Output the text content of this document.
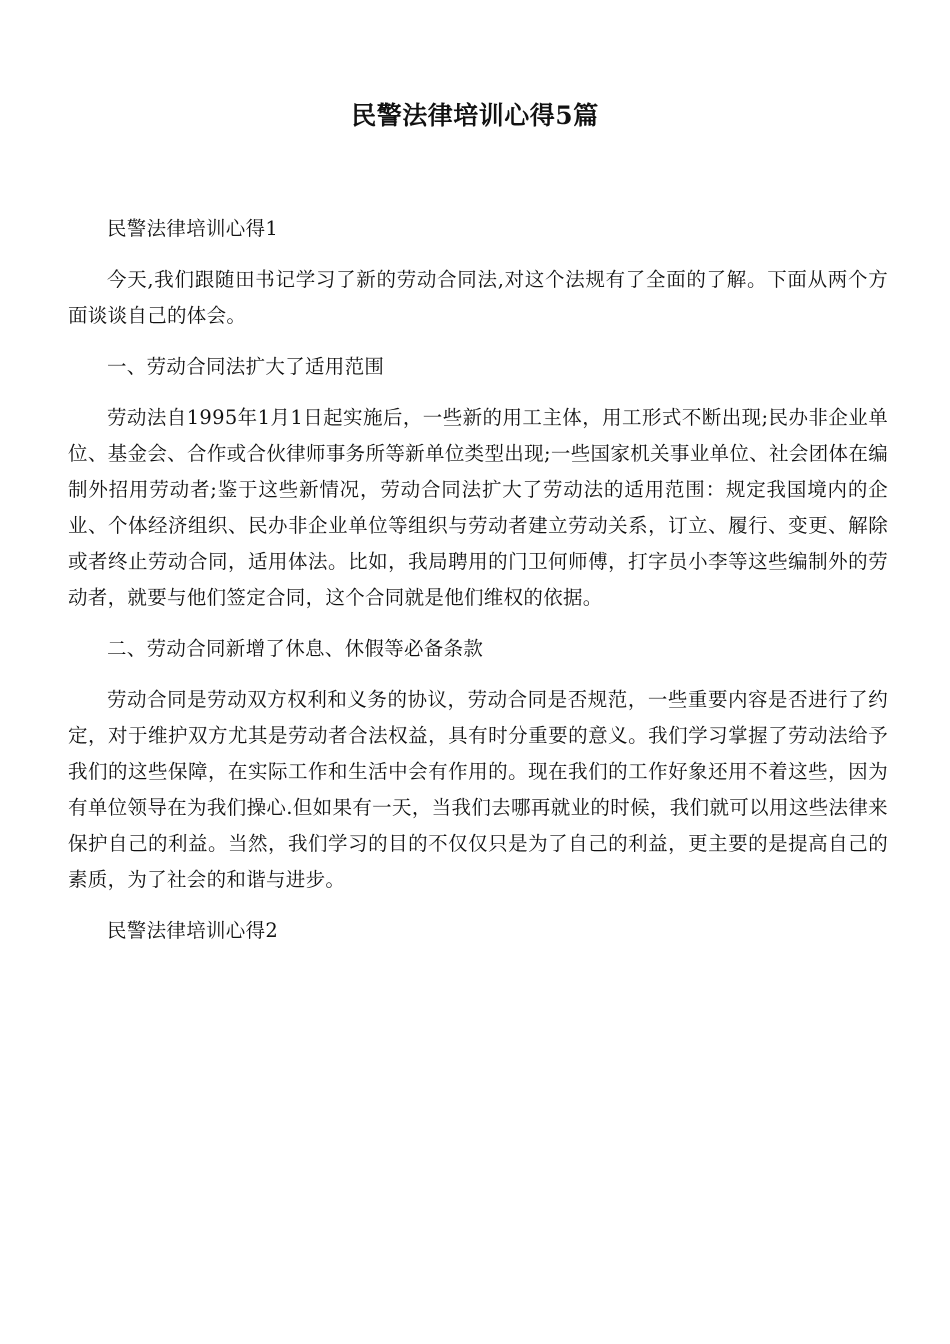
民警法律培训心得5篇

民警法律培训心得1

今天,我们跟随田书记学习了新的劳动合同法,对这个法规有了全面的了解。下面从两个方面谈谈自己的体会。

一、劳动合同法扩大了适用范围

劳动法自1995年1月1日起实施后，一些新的用工主体，用工形式不断出现;民办非企业单位、基金会、合作或合伙律师事务所等新单位类型出现;一些国家机关事业单位、社会团体在编制外招用劳动者;鉴于这些新情况，劳动合同法扩大了劳动法的适用范围：规定我国境内的企业、个体经济组织、民办非企业单位等组织与劳动者建立劳动关系，订立、履行、变更、解除或者终止劳动合同，适用体法。比如，我局聘用的门卫何师傅，打字员小李等这些编制外的劳动者，就要与他们签定合同，这个合同就是他们维权的依据。

二、劳动合同新增了休息、休假等必备条款

劳动合同是劳动双方权利和义务的协议，劳动合同是否规范，一些重要内容是否进行了约定，对于维护双方尤其是劳动者合法权益，具有时分重要的意义。我们学习掌握了劳动法给予我们的这些保障，在实际工作和生活中会有作用的。现在我们的工作好象还用不着这些，因为有单位领导在为我们操心.但如果有一天，当我们去哪再就业的时候，我们就可以用这些法律来保护自己的利益。当然，我们学习的目的不仅仅只是为了自己的利益，更主要的是提高自己的素质，为了社会的和谐与进步。

民警法律培训心得2
